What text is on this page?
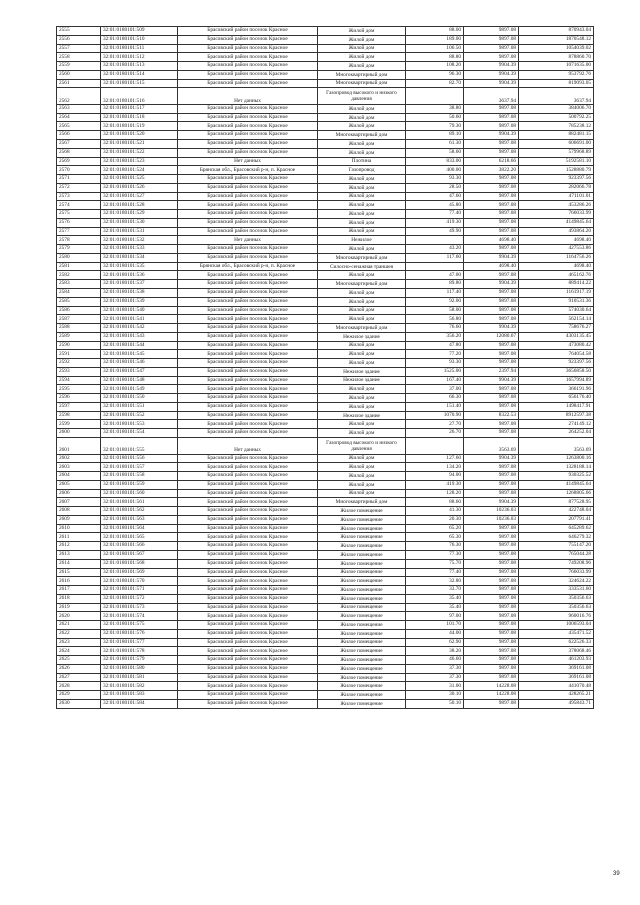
2555	32:01:0180101:509	Брасовский район поселок Красное	Жилой дом	88.00	9897.08	870943.04
2556	32:01:0180101:510	Брасовский район поселок Красное	Жилой дом	189.00	9897.08	1870548.12
2557	32:01:0180101:511	Брасовский район поселок Красное	Жилой дом	106.50	9897.08	1054039.02
2558	32:01:0180101:512	Брасовский район поселок Красное	Жилой дом	88.80	9897.08	878860.70
2559	32:01:0180101:513	Брасовский район поселок Красное	Жилой дом	108.20	9904.39	1071635.00
2560	32:01:0180101:514	Брасовский район поселок Красное	Многоквартирный дом	96.30	9904.39	953792.76
2561	32:01:0180101:515	Брасовский район поселок Красное	Многоквартирный дом	82.70	9904.39	819093.05
2562	32:01:0180101:516	Нет данных	Газопровод высокого и низкого давления		3637.94	3637.94
2563	32:01:0180101:517	Брасовский район поселок Красное	Жилой дом	38.80	9897.08	384006.70
2564	32:01:0180101:518	Брасовский район поселок Красное	Жилой дом	50.60	9897.08	500792.25
2565	32:01:0180101:519	Брасовский район поселок Красное	Жилой дом	79.30	9897.08	785238.12
2566	32:01:0180101:520	Брасовский район поселок Красное	Многоквартирный дом	89.10	9904.39	882481.15
2567	32:01:0180101:521	Брасовский район поселок Красное	Жилой дом	61.30	9897.08	606691.00
2568	32:01:0180101:522	Брасовский район поселок Красное	Жилой дом	58.60	9897.08	579968.89
2569	32:01:0180101:523	Нет данных	Плотина	833.00	6218.66	5192581.10
2570	32:01:0180101:524	Брянская обл., Брасовский р-н, п. Красное	Газопровод	400.00	3822.20	1528880.79
2571	32:01:0180101:525	Брасовский район поселок Красное	Жилой дом	93.30	9897.08	923397.56
2572	32:01:0180101:526	Брасовский район поселок Красное	Жилой дом	28.50	9897.08	282066.78
2573	32:01:0180101:527	Брасовский район поселок Красное	Жилой дом	47.60	9897.08	471101.01
2574	32:01:0180101:528	Брасовский район поселок Красное	Жилой дом	45.80	9897.08	453286.26
2575	32:01:0180101:529	Брасовский район поселок Красное	Жилой дом	77.40	9897.08	766033.99
2576	32:01:0180101:530	Брасовский район поселок Красное	Жилой дом	419.30	9897.08	4149845.64
2577	32:01:0180101:531	Брасовский район поселок Красное	Жилой дом	49.90	9897.08	493864.20
2578	32:01:0180101:532	Нет данных	Нежилое		4698.40	4698.40
2579	32:01:0180101:533	Брасовский район поселок Красное	Жилой дом	43.20	9897.08	427553.86
2580	32:01:0180101:534	Брасовский район поселок Красное	Многоквартирный дом	117.60	9904.39	1164756.26
2581	32:01:0180101:535	Брянская обл., Брасовский р-н, п. Красное	Силосно-сенажная траншея		4698.40	4698.40
2582	32:01:0180101:536	Брасовский район поселок Красное	Жилой дом	47.00	9897.08	465162.76
2583	32:01:0180101:537	Брасовский район поселок Красное	Многоквартирный дом	89.80	9904.39	889414.22
2584	32:01:0180101:538	Брасовский район поселок Красное	Жилой дом	117.40	9897.08	1161917.19
2585	32:01:0180101:539	Брасовский район поселок Красное	Жилой дом	92.00	9897.08	910531.36
2586	32:01:0180101:540	Брасовский район поселок Красное	Жилой дом	58.00	9897.08	574030.64
2587	32:01:0180101:541	Брасовский район поселок Красное	Жилой дом	56.80	9897.08	562154.14
2588	32:01:0180101:542	Брасовский район поселок Красное	Многоквартирный дом	76.60	9904.39	758676.27
2589	32:01:0180101:543	Брасовский район поселок Красное	Нежилое здание	356.20	12080.67	4303135.45
2590	32:01:0180101:544	Брасовский район поселок Красное	Жилой дом	47.80	9897.08	473080.42
2591	32:01:0180101:545	Брасовский район поселок Красное	Жилой дом	77.20	9897.08	764054.58
2592	32:01:0180101:546	Брасовский район поселок Красное	Жилой дом	93.30	9897.08	923397.56
2593	32:01:0180101:547	Брасовский район поселок Красное	Нежилое здание	1525.00	2397.94	3656858.50
2594	32:01:0180101:548	Брасовский район поселок Красное	Нежилое здание	167.40	9904.39	1657994.89
2595	32:01:0180101:549	Брасовский район поселок Красное	Жилой дом	37.00	9897.08	366191.96
2596	32:01:0180101:550	Брасовский район поселок Красное	Жилой дом	66.30	9897.08	656176.40
2597	32:01:0180101:551	Брасовский район поселок Красное	Жилой дом	151.40	9897.08	1498417.91
2598	32:01:0180101:552	Брасовский район поселок Красное	Нежилое здание	1070.90	8322.53	8912597.38
2599	32:01:0180101:553	Брасовский район поселок Красное	Жилой дом	27.70	9897.08	274149.12
2600	32:01:0180101:554	Брасовский район поселок Красное	Жилой дом	26.70	9897.08	264252.04
2601	32:01:0180101:555	Нет данных	Газопровод высокого и низкого давления		3563.69	3563.69
2602	32:01:0180101:556	Брасовский район поселок Красное	Жилой дом	127.60	9904.39	1263800.16
2603	32:01:0180101:557	Брасовский район поселок Красное	Жилой дом	134.20	9897.08	1328188.14
2604	32:01:0180101:558	Брасовский район поселок Красное	Жилой дом	94.00	9897.08	930325.52
2605	32:01:0180101:559	Брасовский район поселок Красное	Жилой дом	419.30	9897.08	4149845.64
2606	32:01:0180101:560	Брасовский район поселок Красное	Жилой дом	128.20	9897.08	1268805.66
2607	32:01:0180101:561	Брасовский район поселок Красное	Многоквартирный дом	88.60	9904.39	877528.95
2608	32:01:0180101:562	Брасовский район поселок Красное	Жилое помещение	41.30	10236.03	422748.04
2609	32:01:0180101:563	Брасовский район поселок Красное	Жилое помещение	20.30	10236.03	207791.41
2610	32:01:0180101:564	Брасовский район поселок Красное	Жилое помещение	65.20	9897.08	645289.62
2611	32:01:0180101:565	Брасовский район поселок Красное	Жилое помещение	65.30	9897.08	646279.32
2612	32:01:0180101:566	Брасовский район поселок Красное	Жилое помещение	76.30	9897.08	755147.20
2613	32:01:0180101:567	Брасовский район поселок Красное	Жилое помещение	77.30	9897.08	765044.28
2614	32:01:0180101:568	Брасовский район поселок Красное	Жилое помещение	75.70	9897.08	749208.96
2615	32:01:0180101:569	Брасовский район поселок Красное	Жилое помещение	77.40	9897.08	766033.99
2616	32:01:0180101:570	Брасовский район поселок Красное	Жилое помещение	32.80	9897.08	324624.22
2617	32:01:0180101:571	Брасовский район поселок Красное	Жилое помещение	33.70	9897.08	333531.60
2618	32:01:0180101:572	Брасовский район поселок Красное	Жилое помещение	35.40	9897.08	350356.63
2619	32:01:0180101:573	Брасовский район поселок Красное	Жилое помещение	35.40	9897.08	350356.63
2620	32:01:0180101:574	Брасовский район поселок Красное	Жилое помещение	97.00	9897.08	960016.76
2621	32:01:0180101:575	Брасовский район поселок Красное	Жилое помещение	101.70	9897.08	1006593.04
2622	32:01:0180101:576	Брасовский район поселок Красное	Жилое помещение	44.00	9897.08	435471.52
2623	32:01:0180101:577	Брасовский район поселок Красное	Жилое помещение	62.90	9897.08	622526.33
2624	32:01:0180101:578	Брасовский район поселок Красное	Жилое помещение	38.20	9897.08	378068.46
2625	32:01:0180101:579	Брасовский район поселок Красное	Жилое помещение	46.60	9897.08	461203.93
2626	32:01:0180101:580	Брасовский район поселок Красное	Жилое помещение	37.30	9897.08	369161.08
2627	32:01:0180101:581	Брасовский район поселок Красное	Жилое помещение	37.30	9897.08	369161.08
2628	32:01:0180101:582	Брасовский район поселок Красное	Жилое помещение	31.00	14228.08	441070.48
2629	32:01:0180101:583	Брасовский район поселок Красное	Жилое помещение	30.10	14228.08	428265.21
2630	32:01:0180101:584	Брасовский район поселок Красное	Жилое помещение	50.10	9897.08	495843.71
39
